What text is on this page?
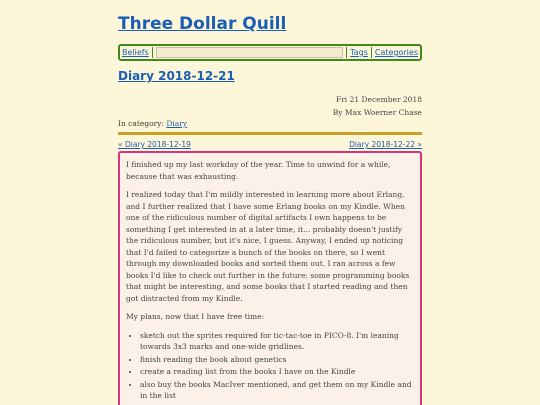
Three Dollar Quill
Beliefs	Tags Categories
Diary 2018-12-21
Fri 21 December 2018
By Max Woerner Chase
In category: Diary
« Diary 2018-12-19	Diary 2018-12-22 »

I finished up my last workday of the year. Time to unwind for a while, because that was exhausting.

I realized today that I'm mildly interested in learning more about Erlang, and I further realized that I have some Erlang books on my Kindle. When one of the ridiculous number of digital artifacts I own happens to be something I get interested in at a later time, it... probably doesn't justify the ridiculous number, but it's nice, I guess. Anyway, I ended up noticing that I'd failed to categorize a bunch of the books on there, so I went through my downloaded books and sorted them out. I ran across a few books I'd like to check out further in the future: some programming books that might be interesting, and some books that I started reading and then got distracted from my Kindle.

My plans, now that I have free time:

• sketch out the sprites required for tic-tac-toe in PICO-8. I'm leaning towards 3x3 marks and one-wide gridlines.
• finish reading the book about genetics
• create a reading list from the books I have on the Kindle
• also buy the books MacIver mentioned, and get them on my Kindle and in the list
